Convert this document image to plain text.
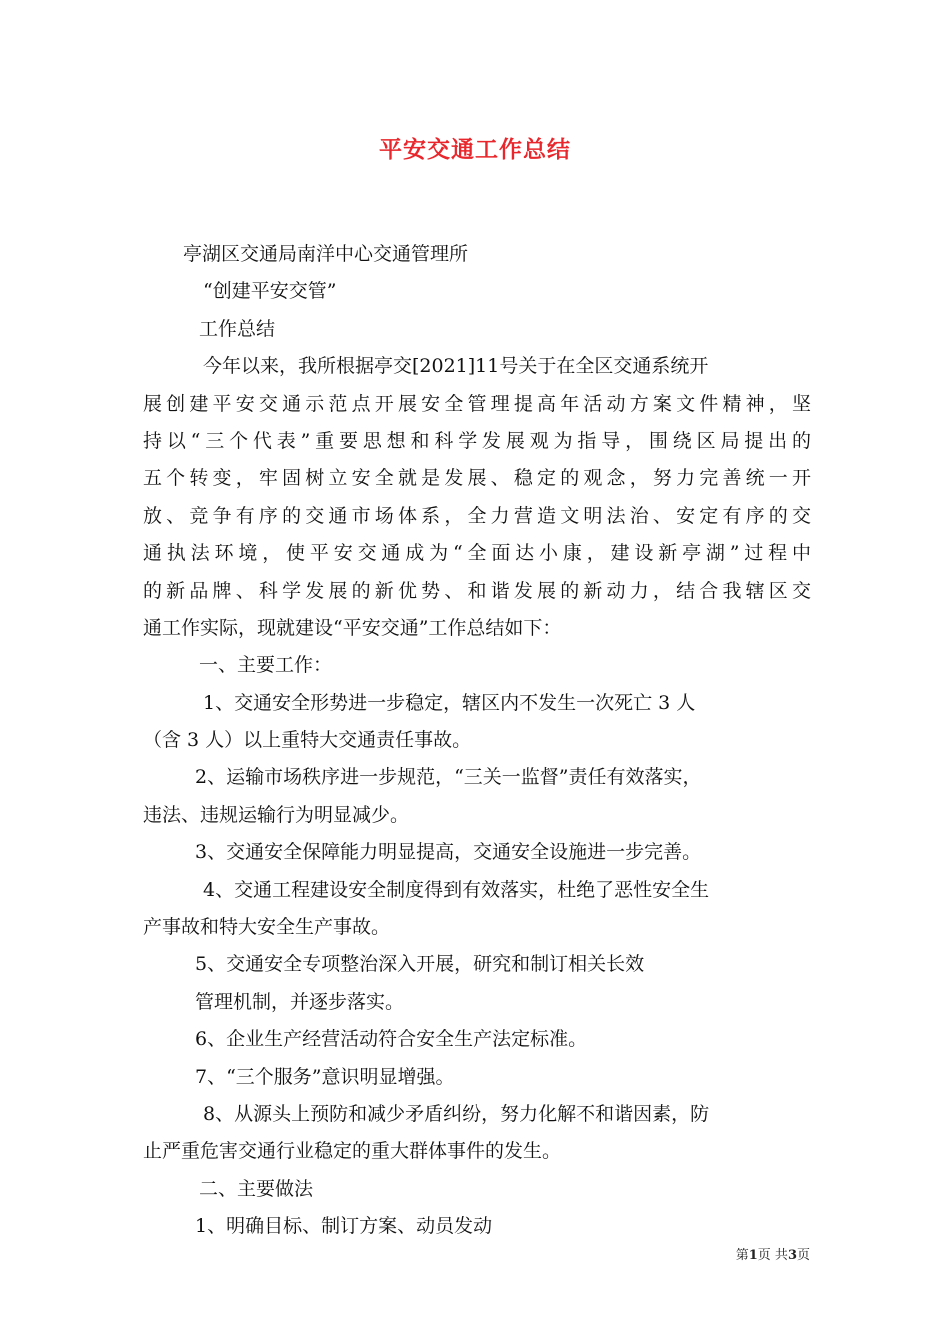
平安交通工作总结
亭湖区交通局南洋中心交通管理所
“创建平安交管”
工作总结
今年以来，我所根据亭交[2021]11号关于在全区交通系统开
展创建平安交通示范点开展安全管理提高年活动方案文件精神，坚
持以“三个代表”重要思想和科学发展观为指导，围绕区局提出的
五个转变，牢固树立安全就是发展、稳定的观念，努力完善统一开
放、竞争有序的交通市场体系，全力营造文明法治、安定有序的交
通执法环境，使平安交通成为“全面达小康，建设新亭湖”过程中
的新品牌、科学发展的新优势、和谐发展的新动力，结合我辖区交
通工作实际，现就建设“平安交通”工作总结如下：
一、主要工作：
1、交通安全形势进一步稳定，辖区内不发生一次死亡 3 人
（含 3 人）以上重特大交通责任事故。
2、运输市场秩序进一步规范，“三关一监督”责任有效落实，
违法、违规运输行为明显减少。
3、交通安全保障能力明显提高，交通安全设施进一步完善。
4、交通工程建设安全制度得到有效落实，杜绝了恶性安全生
产事故和特大安全生产事故。
5、交通安全专项整治深入开展，研究和制订相关长效
管理机制，并逐步落实。
6、企业生产经营活动符合安全生产法定标准。
7、“三个服务”意识明显增强。
8、从源头上预防和减少矛盾纠纷，努力化解不和谐因素，防
止严重危害交通行业稳定的重大群体事件的发生。
二、主要做法
1、明确目标、制订方案、动员发动
第1页 共3页
